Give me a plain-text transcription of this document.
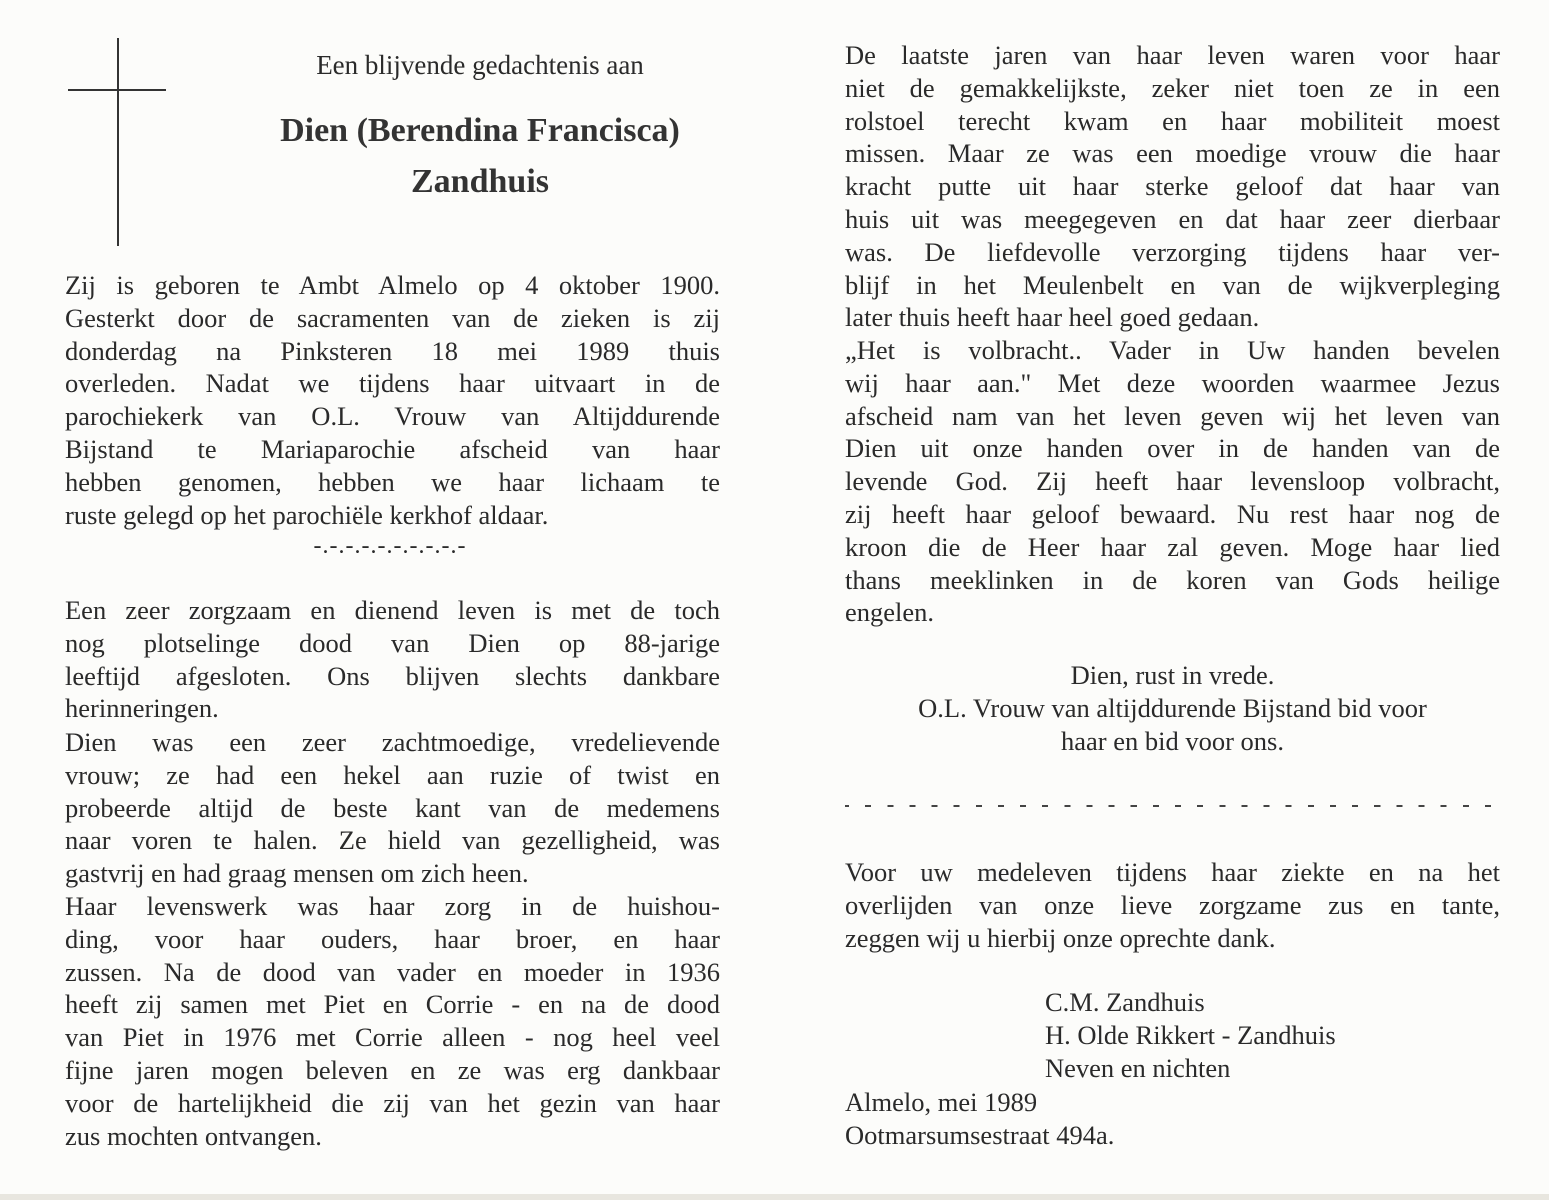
Een blijvende gedachtenis aan
Dien (Berendina Francisca)
Zandhuis
Zij is geboren te Ambt Almelo op 4 oktober 1900.
Gesterkt door de sacramenten van de zieken is zij
donderdag na Pinksteren 18 mei 1989 thuis
overleden. Nadat we tijdens haar uitvaart in de
parochiekerk van O.L. Vrouw van Altijddurende
Bijstand te Mariaparochie afscheid van haar
hebben genomen, hebben we haar lichaam te
ruste gelegd op het parochiële kerkhof aldaar.
-.-.-.-.-.-.-.-.-.-
Een zeer zorgzaam en dienend leven is met de toch
nog plotselinge dood van Dien op 88-jarige
leeftijd afgesloten. Ons blijven slechts dankbare
herinneringen.
Dien was een zeer zachtmoedige, vredelievende
vrouw; ze had een hekel aan ruzie of twist en
probeerde altijd de beste kant van de medemens
naar voren te halen. Ze hield van gezelligheid, was
gastvrij en had graag mensen om zich heen.
Haar levenswerk was haar zorg in de huishou-
ding, voor haar ouders, haar broer, en haar
zussen. Na de dood van vader en moeder in 1936
heeft zij samen met Piet en Corrie - en na de dood
van Piet in 1976 met Corrie alleen - nog heel veel
fijne jaren mogen beleven en ze was erg dankbaar
voor de hartelijkheid die zij van het gezin van haar
zus mochten ontvangen.
De laatste jaren van haar leven waren voor haar
niet de gemakkelijkste, zeker niet toen ze in een
rolstoel terecht kwam en haar mobiliteit moest
missen. Maar ze was een moedige vrouw die haar
kracht putte uit haar sterke geloof dat haar van
huis uit was meegegeven en dat haar zeer dierbaar
was. De liefdevolle verzorging tijdens haar ver-
blijf in het Meulenbelt en van de wijkverpleging
later thuis heeft haar heel goed gedaan.
„Het is volbracht.. Vader in Uw handen bevelen
wij haar aan." Met deze woorden waarmee Jezus
afscheid nam van het leven geven wij het leven van
Dien uit onze handen over in de handen van de
levende God. Zij heeft haar levensloop volbracht,
zij heeft haar geloof bewaard. Nu rest haar nog de
kroon die de Heer haar zal geven. Moge haar lied
thans meeklinken in de koren van Gods heilige
engelen.
Dien, rust in vrede.
O.L. Vrouw van altijddurende Bijstand bid voor
haar en bid voor ons.
Voor uw medeleven tijdens haar ziekte en na het
overlijden van onze lieve zorgzame zus en tante,
zeggen wij u hierbij onze oprechte dank.
C.M. Zandhuis
H. Olde Rikkert - Zandhuis
Neven en nichten
Almelo, mei 1989
Ootmarsumsestraat 494a.
